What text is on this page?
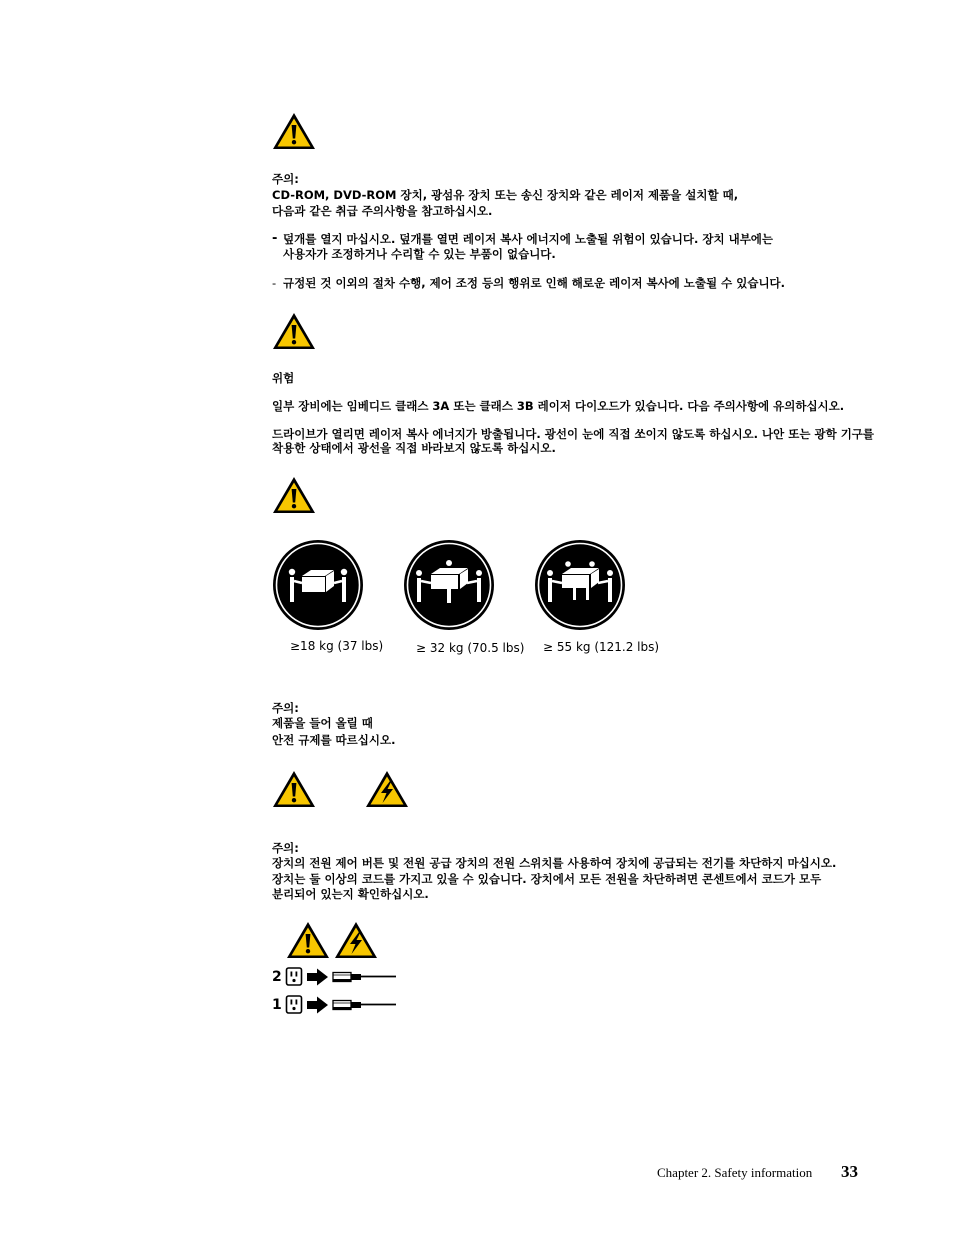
주의:
CD-ROM, DVD-ROM 장치, 광섬유 장치 또는 송신 장치와 같은 레이저 제품을 설치할 때,
다음과 같은 취급 주의사항을 참고하십시오.
- 덮개를 열지 마십시오. 덮개를 열면 레이저 복사 에너지에 노출될 위험이 있습니다. 장치 내부에는
사용자가 조정하거나 수리할 수 있는 부품이 없습니다.
- 규정된 것 이외의 절차 수행, 제어 조정 등의 행위로 인해 해로운 레이저 복사에 노출될 수 있습니다.
위험
일부 장비에는 임베디드 클래스 3A 또는 클래스 3B 레이저 다이오드가 있습니다. 다음 주의사항에 유의하십시오.
드라이브가 열리면 레이저 복사 에너지가 방출됩니다. 광선이 눈에 직접 쏘이지 않도록 하십시오. 나안 또는 광학 기구를
착용한 상태에서 광선을 직접 바라보지 않도록 하십시오.
≥18 kg (37 lbs)	≥ 32 kg (70.5 lbs) ≥ 55 kg (121.2 lbs)
주의:
제품을 들어 올릴 때
안전 규제를 따르십시오.
주의:
장치의 전원 제어 버튼 및 전원 공급 장치의 전원 스위치를 사용하여 장치에 공급되는 전기를 차단하지 마십시오.
장치는 둘 이상의 코드를 가지고 있을 수 있습니다. 장치에서 모든 전원을 차단하려면 콘센트에서 코드가 모두
분리되어 있는지 확인하십시오.
2
1
Chapter 2. Safety information 33
